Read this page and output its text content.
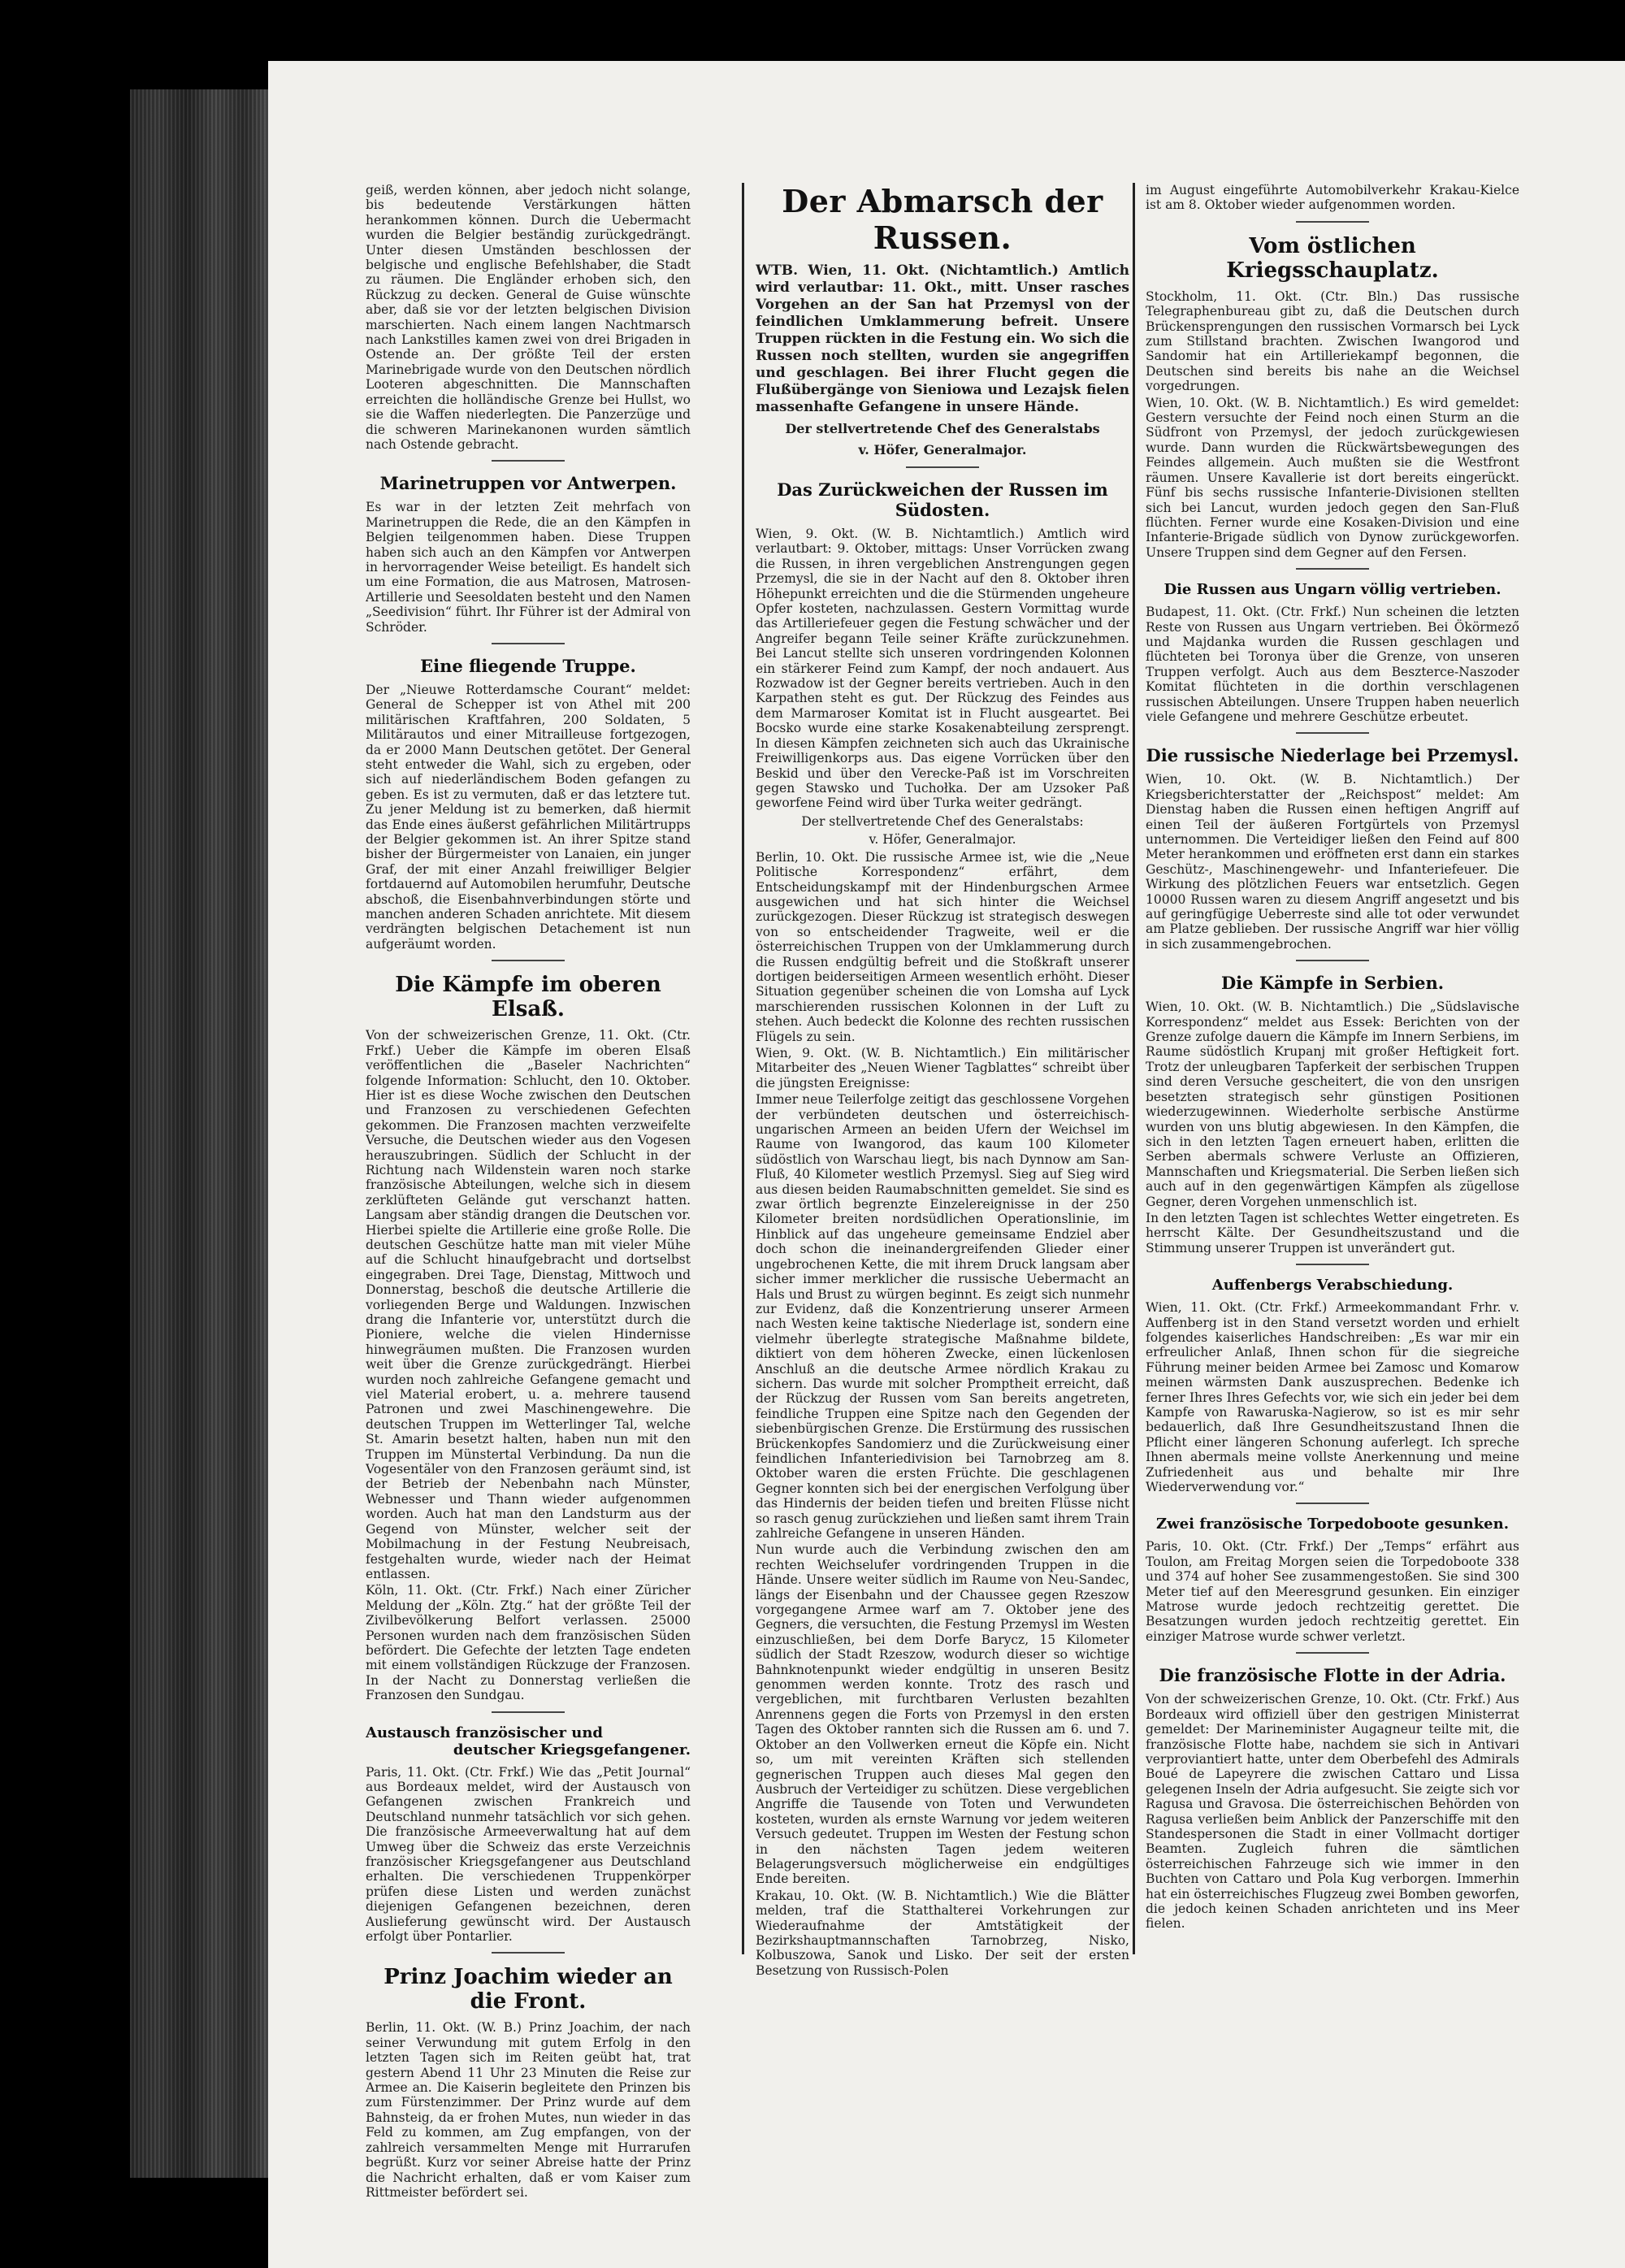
geiß, werden können, aber jedoch nicht solange, bis bedeutende Verstärkungen hätten herankommen können. Durch die Uebermacht wurden die Belgier beständig zurückgedrängt. Unter diesen Umständen beschlossen der belgische und englische Befehlshaber, die Stadt zu räumen. Die Engländer erhoben sich, den Rückzug zu decken. General de Guise wünschte aber, daß sie vor der letzten belgischen Division marschierten. Nach einem langen Nachtmarsch nach Lankstilles kamen zwei von drei Brigaden in Ostende an. Der größte Teil der ersten Marinebrigade wurde von den Deutschen nördlich Looteren abgeschnitten. Die Mannschaften erreichten die holländische Grenze bei Hullst, wo sie die Waffen niederlegten. Die Panzerzüge und die schweren Marinekanonen wurden sämtlich nach Ostende gebracht.

Marinetruppen vor Antwerpen.

Es war in der letzten Zeit mehrfach von Marinetruppen die Rede, die an den Kämpfen in Belgien teilgenommen haben. Diese Truppen haben sich auch an den Kämpfen vor Antwerpen in hervorragender Weise beteiligt. Es handelt sich um eine Formation, die aus Matrosen, Matrosen-Artillerie und Seesoldaten besteht und den Namen „Seedivision“ führt. Ihr Führer ist der Admiral von Schröder.

Eine fliegende Truppe.

Der „Nieuwe Rotterdamsche Courant“ meldet: General de Schepper ist von Athel mit 200 militärischen Kraftfahren, 200 Soldaten, 5 Militärautos und einer Mitrailleuse fortgezogen, da er 2000 Mann Deutschen getötet. Der General steht entweder die Wahl, sich zu ergeben, oder sich auf niederländischem Boden gefangen zu geben. Es ist zu vermuten, daß er das letztere tut. Zu jener Meldung ist zu bemerken, daß hiermit das Ende eines äußerst gefährlichen Militärtrupps der Belgier gekommen ist. An ihrer Spitze stand bisher der Bürgermeister von Lanaien, ein junger Graf, der mit einer Anzahl freiwilliger Belgier fortdauernd auf Automobilen herumfuhr, Deutsche abschoß, die Eisenbahnverbindungen störte und manchen anderen Schaden anrichtete. Mit diesem verdrängten belgischen Detachement ist nun aufgeräumt worden.

Die Kämpfe im oberen Elsaß.

Von der schweizerischen Grenze, 11. Okt. (Ctr. Frkf.) Ueber die Kämpfe im oberen Elsaß veröffentlichen die „Baseler Nachrichten“ folgende Information: Schlucht, den 10. Oktober. Hier ist es diese Woche zwischen den Deutschen und Franzosen zu verschiedenen Gefechten gekommen. Die Franzosen machten verzweifelte Versuche, die Deutschen wieder aus den Vogesen herauszubringen. Südlich der Schlucht in der Richtung nach Wildenstein waren noch starke französische Abteilungen, welche sich in diesem zerklüfteten Gelände gut verschanzt hatten. Langsam aber ständig drangen die Deutschen vor. Hierbei spielte die Artillerie eine große Rolle. Die deutschen Geschütze hatte man mit vieler Mühe auf die Schlucht hinaufgebracht und dortselbst eingegraben. Drei Tage, Dienstag, Mittwoch und Donnerstag, beschoß die deutsche Artillerie die vorliegenden Berge und Waldungen. Inzwischen drang die Infanterie vor, unterstützt durch die Pioniere, welche die vielen Hindernisse hinwegräumen mußten. Die Franzosen wurden weit über die Grenze zurückgedrängt. Hierbei wurden noch zahlreiche Gefangene gemacht und viel Material erobert, u. a. mehrere tausend Patronen und zwei Maschinengewehre. Die deutschen Truppen im Wetterlinger Tal, welche St. Amarin besetzt halten, haben nun mit den Truppen im Münstertal Verbindung. Da nun die Vogesentäler von den Franzosen geräumt sind, ist der Betrieb der Nebenbahn nach Münster, Webnesser und Thann wieder aufgenommen worden. Auch hat man den Landsturm aus der Gegend von Münster, welcher seit der Mobilmachung in der Festung Neubreisach, festgehalten wurde, wieder nach der Heimat entlassen.

Köln, 11. Okt. (Ctr. Frkf.) Nach einer Züricher Meldung der „Köln. Ztg.“ hat der größte Teil der Zivilbevölkerung Belfort verlassen. 25000 Personen wurden nach dem französischen Süden befördert. Die Gefechte der letzten Tage endeten mit einem vollständigen Rückzuge der Franzosen. In der Nacht zu Donnerstag verließen die Franzosen den Sundgau.

Austausch französischer und
deutscher Kriegsgefangener.

Paris, 11. Okt. (Ctr. Frkf.) Wie das „Petit Journal“ aus Bordeaux meldet, wird der Austausch von Gefangenen zwischen Frankreich und Deutschland nunmehr tatsächlich vor sich gehen. Die französische Armeeverwaltung hat auf dem Umweg über die Schweiz das erste Verzeichnis französischer Kriegsgefangener aus Deutschland erhalten. Die verschiedenen Truppenkörper prüfen diese Listen und werden zunächst diejenigen Gefangenen bezeichnen, deren Auslieferung gewünscht wird. Der Austausch erfolgt über Pontarlier.

Prinz Joachim wieder an die Front.

Berlin, 11. Okt. (W. B.) Prinz Joachim, der nach seiner Verwundung mit gutem Erfolg in den letzten Tagen sich im Reiten geübt hat, trat gestern Abend 11 Uhr 23 Minuten die Reise zur Armee an. Die Kaiserin begleitete den Prinzen bis zum Fürstenzimmer. Der Prinz wurde auf dem Bahnsteig, da er frohen Mutes, nun wieder in das Feld zu kommen, am Zug empfangen, von der zahlreich versammelten Menge mit Hurrarufen begrüßt. Kurz vor seiner Abreise hatte der Prinz die Nachricht erhalten, daß er vom Kaiser zum Rittmeister befördert sei.

Der Abmarsch der Russen.

WTB. Wien, 11. Okt. (Nichtamtlich.) Amtlich wird verlautbar: 11. Okt., mitt. Unser rasches Vorgehen an der San hat Przemysl von der feindlichen Umklammerung befreit. Unsere Truppen rückten in die Festung ein. Wo sich die Russen noch stellten, wurden sie angegriffen und geschlagen. Bei ihrer Flucht gegen die Flußübergänge von Sieniowa und Lezajsk fielen massenhafte Gefangene in unsere Hände.

Der stellvertretende Chef des Generalstabs
v. Höfer, Generalmajor.
Das Zurückweichen der Russen im Südosten.

Wien, 9. Okt. (W. B. Nichtamtlich.) Amtlich wird verlautbart: 9. Oktober, mittags: Unser Vorrücken zwang die Russen, in ihren vergeblichen Anstrengungen gegen Przemysl, die sie in der Nacht auf den 8. Oktober ihren Höhepunkt erreichten und die die Stürmenden ungeheure Opfer kosteten, nachzulassen. Gestern Vormittag wurde das Artilleriefeuer gegen die Festung schwächer und der Angreifer begann Teile seiner Kräfte zurückzunehmen. Bei Lancut stellte sich unseren vordringenden Kolonnen ein stärkerer Feind zum Kampf, der noch andauert. Aus Rozwadow ist der Gegner bereits vertrieben. Auch in den Karpathen steht es gut. Der Rückzug des Feindes aus dem Marmaroser Komitat ist in Flucht ausgeartet. Bei Bocsko wurde eine starke Kosakenabteilung zersprengt. In diesen Kämpfen zeichneten sich auch das Ukrainische Freiwilligenkorps aus. Das eigene Vorrücken über den Beskid und über den Verecke-Paß ist im Vorschreiten gegen Stawsko und Tuchołka. Der am Uzsoker Paß geworfene Feind wird über Turka weiter gedrängt.

Der stellvertretende Chef des Generalstabs:
v. Höfer, Generalmajor.

Berlin, 10. Okt. Die russische Armee ist, wie die „Neue Politische Korrespondenz“ erfährt, dem Entscheidungskampf mit der Hindenburgschen Armee ausgewichen und hat sich hinter die Weichsel zurückgezogen. Dieser Rückzug ist strategisch deswegen von so entscheidender Tragweite, weil er die österreichischen Truppen von der Umklammerung durch die Russen endgültig befreit und die Stoßkraft unserer dortigen beiderseitigen Armeen wesentlich erhöht. Dieser Situation gegenüber scheinen die von Lomsha auf Lyck marschierenden russischen Kolonnen in der Luft zu stehen. Auch bedeckt die Kolonne des rechten russischen Flügels zu sein.

Wien, 9. Okt. (W. B. Nichtamtlich.) Ein militärischer Mitarbeiter des „Neuen Wiener Tagblattes“ schreibt über die jüngsten Ereignisse:

Immer neue Teilerfolge zeitigt das geschlossene Vorgehen der verbündeten deutschen und österreichisch-ungarischen Armeen an beiden Ufern der Weichsel im Raume von Iwangorod, das kaum 100 Kilometer südöstlich von Warschau liegt, bis nach Dynnow am San-Fluß, 40 Kilometer westlich Przemysl. Sieg auf Sieg wird aus diesen beiden Raumabschnitten gemeldet. Sie sind es zwar örtlich begrenzte Einzelereignisse in der 250 Kilometer breiten nordsüdlichen Operationslinie, im Hinblick auf das ungeheure gemeinsame Endziel aber doch schon die ineinandergreifenden Glieder einer ungebrochenen Kette, die mit ihrem Druck langsam aber sicher immer merklicher die russische Uebermacht an Hals und Brust zu würgen beginnt. Es zeigt sich nunmehr zur Evidenz, daß die Konzentrierung unserer Armeen nach Westen keine taktische Niederlage ist, sondern eine vielmehr überlegte strategische Maßnahme bildete, diktiert von dem höheren Zwecke, einen lückenlosen Anschluß an die deutsche Armee nördlich Krakau zu sichern. Das wurde mit solcher Promptheit erreicht, daß der Rückzug der Russen vom San bereits angetreten, feindliche Truppen eine Spitze nach den Gegenden der siebenbürgischen Grenze. Die Erstürmung des russischen Brückenkopfes Sandomierz und die Zurückweisung einer feindlichen Infanteriedivision bei Tarnobrzeg am 8. Oktober waren die ersten Früchte. Die geschlagenen Gegner konnten sich bei der energischen Verfolgung über das Hindernis der beiden tiefen und breiten Flüsse nicht so rasch genug zurückziehen und ließen samt ihrem Train zahlreiche Gefangene in unseren Händen.

Nun wurde auch die Verbindung zwischen den am rechten Weichselufer vordringenden Truppen in die Hände. Unsere weiter südlich im Raume von Neu-Sandec, längs der Eisenbahn und der Chaussee gegen Rzeszow vorgegangene Armee warf am 7. Oktober jene des Gegners, die versuchten, die Festung Przemysl im Westen einzuschließen, bei dem Dorfe Barycz, 15 Kilometer südlich der Stadt Rzeszow, wodurch dieser so wichtige Bahnknotenpunkt wieder endgültig in unseren Besitz genommen werden konnte. Trotz des rasch und vergeblichen, mit furchtbaren Verlusten bezahlten Anrennens gegen die Forts von Przemysl in den ersten Tagen des Oktober rannten sich die Russen am 6. und 7. Oktober an den Vollwerken erneut die Köpfe ein. Nicht so, um mit vereinten Kräften sich stellenden gegnerischen Truppen auch dieses Mal gegen den Ausbruch der Verteidiger zu schützen. Diese vergeblichen Angriffe die Tausende von Toten und Verwundeten kosteten, wurden als ernste Warnung vor jedem weiteren Versuch gedeutet. Truppen im Westen der Festung schon in den nächsten Tagen jedem weiteren Belagerungsversuch möglicherweise ein endgültiges Ende bereiten.

Krakau, 10. Okt. (W. B. Nichtamtlich.) Wie die Blätter melden, traf die Statthalterei Vorkehrungen zur Wiederaufnahme der Amtstätigkeit der Bezirkshauptmannschaften Tarnobrzeg, Nisko, Kolbuszowa, Sanok und Lisko. Der seit der ersten Besetzung von Russisch-Polen

im August eingeführte Automobilverkehr Krakau-Kielce ist am 8. Oktober wieder aufgenommen worden.

Vom östlichen Kriegsschauplatz.

Stockholm, 11. Okt. (Ctr. Bln.) Das russische Telegraphenbureau gibt zu, daß die Deutschen durch Brückensprengungen den russischen Vormarsch bei Lyck zum Stillstand brachten. Zwischen Iwangorod und Sandomir hat ein Artilleriekampf begonnen, die Deutschen sind bereits bis nahe an die Weichsel vorgedrungen.

Wien, 10. Okt. (W. B. Nichtamtlich.) Es wird gemeldet: Gestern versuchte der Feind noch einen Sturm an die Südfront von Przemysl, der jedoch zurückgewiesen wurde. Dann wurden die Rückwärtsbewegungen des Feindes allgemein. Auch mußten sie die Westfront räumen. Unsere Kavallerie ist dort bereits eingerückt. Fünf bis sechs russische Infanterie-Divisionen stellten sich bei Lancut, wurden jedoch gegen den San-Fluß flüchten. Ferner wurde eine Kosaken-Division und eine Infanterie-Brigade südlich von Dynow zurückgeworfen. Unsere Truppen sind dem Gegner auf den Fersen.

Die Russen aus Ungarn völlig vertrieben.

Budapest, 11. Okt. (Ctr. Frkf.) Nun scheinen die letzten Reste von Russen aus Ungarn vertrieben. Bei Ökörmező und Majdanka wurden die Russen geschlagen und flüchteten bei Toronya über die Grenze, von unseren Truppen verfolgt. Auch aus dem Beszterce-Naszoder Komitat flüchteten in die dorthin verschlagenen russischen Abteilungen. Unsere Truppen haben neuerlich viele Gefangene und mehrere Geschütze erbeutet.

Die russische Niederlage bei Przemysl.

Wien, 10. Okt. (W. B. Nichtamtlich.) Der Kriegsberichterstatter der „Reichspost“ meldet: Am Dienstag haben die Russen einen heftigen Angriff auf einen Teil der äußeren Fortgürtels von Przemysl unternommen. Die Verteidiger ließen den Feind auf 800 Meter herankommen und eröffneten erst dann ein starkes Geschütz-, Maschinengewehr- und Infanteriefeuer. Die Wirkung des plötzlichen Feuers war entsetzlich. Gegen 10000 Russen waren zu diesem Angriff angesetzt und bis auf geringfügige Ueberreste sind alle tot oder verwundet am Platze geblieben. Der russische Angriff war hier völlig in sich zusammengebrochen.

Die Kämpfe in Serbien.

Wien, 10. Okt. (W. B. Nichtamtlich.) Die „Südslavische Korrespondenz“ meldet aus Essek: Berichten von der Grenze zufolge dauern die Kämpfe im Innern Serbiens, im Raume südöstlich Krupanj mit großer Heftigkeit fort. Trotz der unleugbaren Tapferkeit der serbischen Truppen sind deren Versuche gescheitert, die von den unsrigen besetzten strategisch sehr günstigen Positionen wiederzugewinnen. Wiederholte serbische Anstürme wurden von uns blutig abgewiesen. In den Kämpfen, die sich in den letzten Tagen erneuert haben, erlitten die Serben abermals schwere Verluste an Offizieren, Mannschaften und Kriegsmaterial. Die Serben ließen sich auch auf in den gegenwärtigen Kämpfen als zügellose Gegner, deren Vorgehen unmenschlich ist.

In den letzten Tagen ist schlechtes Wetter eingetreten. Es herrscht Kälte. Der Gesundheitszustand und die Stimmung unserer Truppen ist unverändert gut.

Auffenbergs Verabschiedung.

Wien, 11. Okt. (Ctr. Frkf.) Armeekommandant Frhr. v. Auffenberg ist in den Stand versetzt worden und erhielt folgendes kaiserliches Handschreiben: „Es war mir ein erfreulicher Anlaß, Ihnen schon für die siegreiche Führung meiner beiden Armee bei Zamosc und Komarow meinen wärmsten Dank auszusprechen. Bedenke ich ferner Ihres Ihres Gefechts vor, wie sich ein jeder bei dem Kampfe von Rawaruska-Nagierow, so ist es mir sehr bedauerlich, daß Ihre Gesundheitszustand Ihnen die Pflicht einer längeren Schonung auferlegt. Ich spreche Ihnen abermals meine vollste Anerkennung und meine Zufriedenheit aus und behalte mir Ihre Wiederverwendung vor.“

Zwei französische Torpedoboote gesunken.

Paris, 10. Okt. (Ctr. Frkf.) Der „Temps“ erfährt aus Toulon, am Freitag Morgen seien die Torpedoboote 338 und 374 auf hoher See zusammengestoßen. Sie sind 300 Meter tief auf den Meeresgrund gesunken. Ein einziger Matrose wurde jedoch rechtzeitig gerettet. Die Besatzungen wurden jedoch rechtzeitig gerettet. Ein einziger Matrose wurde schwer verletzt.

Die französische Flotte in der Adria.

Von der schweizerischen Grenze, 10. Okt. (Ctr. Frkf.) Aus Bordeaux wird offiziell über den gestrigen Ministerrat gemeldet: Der Marineminister Augagneur teilte mit, die französische Flotte habe, nachdem sie sich in Antivari verproviantiert hatte, unter dem Oberbefehl des Admirals Boué de Lapeyrere die zwischen Cattaro und Lissa gelegenen Inseln der Adria aufgesucht. Sie zeigte sich vor Ragusa und Gravosa. Die österreichischen Behörden von Ragusa verließen beim Anblick der Panzerschiffe mit den Standespersonen die Stadt in einer Vollmacht dortiger Beamten. Zugleich fuhren die sämtlichen österreichischen Fahrzeuge sich wie immer in den Buchten von Cattaro und Pola Kug verborgen. Immerhin hat ein österreichisches Flugzeug zwei Bomben geworfen, die jedoch keinen Schaden anrichteten und ins Meer fielen.
